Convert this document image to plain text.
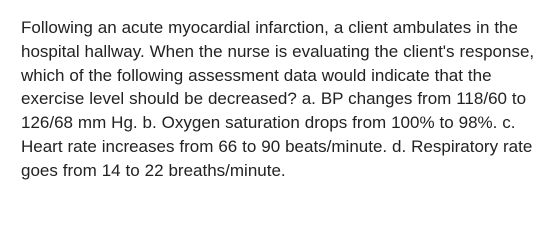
Following an acute myocardial infarction, a client ambulates in the hospital hallway. When the nurse is evaluating the client's response, which of the following assessment data would indicate that the exercise level should be decreased? a. BP changes from 118/60 to 126/68 mm Hg. b. Oxygen saturation drops from 100% to 98%. c. Heart rate increases from 66 to 90 beats/minute. d. Respiratory rate goes from 14 to 22 breaths/minute.
